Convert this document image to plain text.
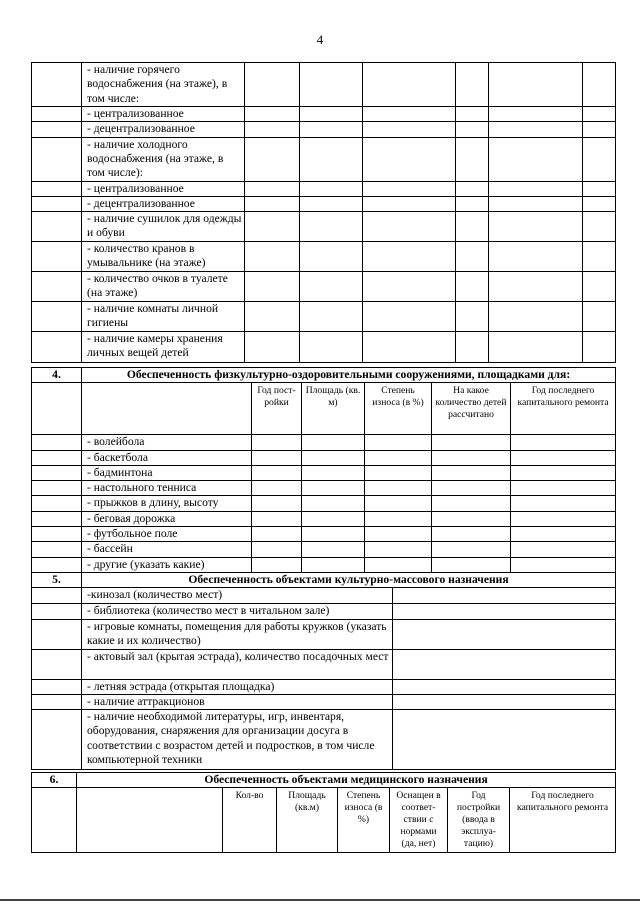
4
	- наличие горячего водоснабжения (на этаже), в том числе:						
	- централизованное						
	- децентрализованное						
	- наличие холодного водоснабжения (на этаже, в том числе):						
	- централизованное						
	- децентрализованное						
	- наличие сушилок для одежды и обуви						
	- количество кранов в умывальнике (на этаже)						
	- количество очков в туалете (на этаже)						
	- наличие комнаты личной гигиены						
	- наличие камеры хранения личных вещей детей						
4.	Обеспеченность физкультурно-оздоровительными сооружениями, площадками для:					
		Год пост-ройки	Площадь (кв. м)	Степень износа (в %)	На какое количество детей рассчитано	Год последнего капитального ремонта
	- волейбола					
	- баскетбола					
	- бадминтона					
	- настольного тенниса					
	- прыжков в длину, высоту					
	- беговая дорожка					
	- футбольное поле					
	- бассейн					
	- другие (указать какие)					
5.	Обеспеченность объектами культурно-массового назначения	
	-кинозал (количество мест)	
	- библиотека (количество мест в читальном зале)	
	- игровые комнаты, помещения для работы кружков (указать какие и их количество)	
	- актовый зал (крытая эстрада), количество посадочных мест	
	- летняя эстрада (открытая площадка)	
	- наличие аттракционов	
	- наличие необходимой литературы, игр, инвентаря, оборудования, снаряжения для организации досуга в соответствии с возрастом детей и подростков, в том числе компьютерной техники	
6.	Обеспеченность объектами медицинского назначения						
		Кол-во	Площадь (кв.м)	Степень износа (в %)	Оснащен в соответ-ствии с нормами (да, нет)	Год постройки (ввода в эксплуа-тацию)	Год последнего капитального ремонта
